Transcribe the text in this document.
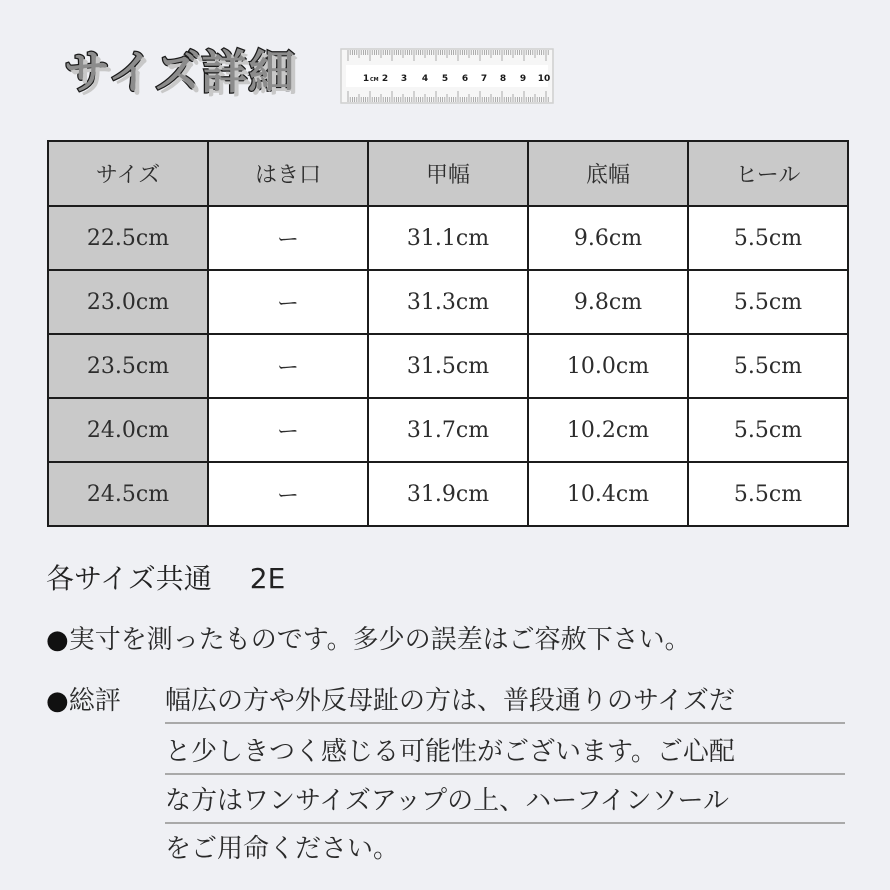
サイズ詳細	1 CM 2 3 4 5 6 7 8 9 10
サイズ	はき口	甲幅	底幅	ヒール
22.5cm	ー	31.1cm	9.6cm	5.5cm
23.0cm	ー	31.3cm	9.8cm	5.5cm
23.5cm	ー	31.5cm	10.0cm	5.5cm
24.0cm	ー	31.7cm	10.2cm	5.5cm
24.5cm	ー	31.9cm	10.4cm	5.5cm
各サイズ共通 2E
●実寸を測ったものです。多少の誤差はご容赦下さい。
●総評 幅広の方や外反母趾の方は、普段通りのサイズだ
と少しきつく感じる可能性がございます。ご心配
な方はワンサイズアップの上、ハーフインソール
をご用命ください。
